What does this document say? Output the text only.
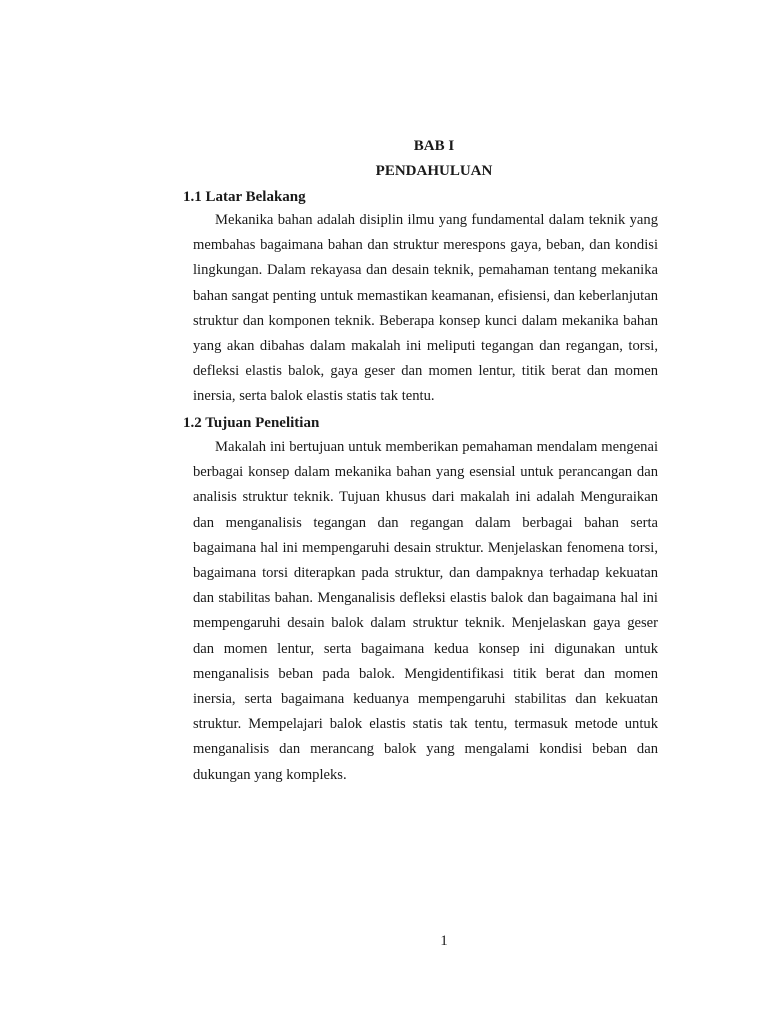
BAB I
PENDAHULUAN
1.1 Latar Belakang

Mekanika bahan adalah disiplin ilmu yang fundamental dalam teknik yang membahas bagaimana bahan dan struktur merespons gaya, beban, dan kondisi lingkungan. Dalam rekayasa dan desain teknik, pemahaman tentang mekanika bahan sangat penting untuk memastikan keamanan, efisiensi, dan keberlanjutan struktur dan komponen teknik. Beberapa konsep kunci dalam mekanika bahan yang akan dibahas dalam makalah ini meliputi tegangan dan regangan, torsi, defleksi elastis balok, gaya geser dan momen lentur, titik berat dan momen inersia, serta balok elastis statis tak tentu.

1.2 Tujuan Penelitian

Makalah ini bertujuan untuk memberikan pemahaman mendalam mengenai berbagai konsep dalam mekanika bahan yang esensial untuk perancangan dan analisis struktur teknik. Tujuan khusus dari makalah ini adalah Menguraikan dan menganalisis tegangan dan regangan dalam berbagai bahan serta bagaimana hal ini mempengaruhi desain struktur. Menjelaskan fenomena torsi, bagaimana torsi diterapkan pada struktur, dan dampaknya terhadap kekuatan dan stabilitas bahan. Menganalisis defleksi elastis balok dan bagaimana hal ini mempengaruhi desain balok dalam struktur teknik. Menjelaskan gaya geser dan momen lentur, serta bagaimana kedua konsep ini digunakan untuk menganalisis beban pada balok. Mengidentifikasi titik berat dan momen inersia, serta bagaimana keduanya mempengaruhi stabilitas dan kekuatan struktur. Mempelajari balok elastis statis tak tentu, termasuk metode untuk menganalisis dan merancang balok yang mengalami kondisi beban dan dukungan yang kompleks.

1
